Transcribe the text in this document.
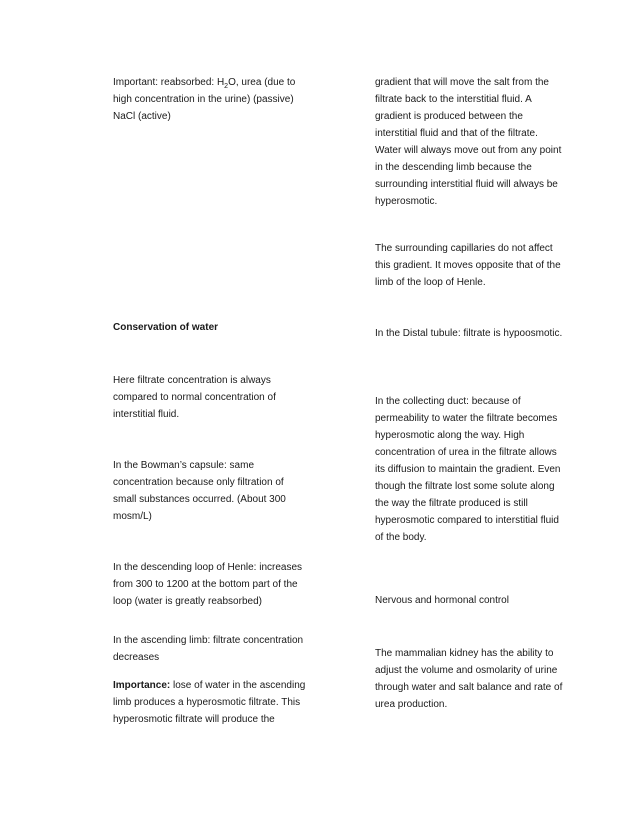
Important: reabsorbed: $H_2O$, urea (due to high concentration in the urine) (passive) NaCl (active)

Conservation of water

Here filtrate concentration is always compared to normal concentration of interstitial fluid.

In the Bowman’s capsule: same concentration because only filtration of small substances occurred. (About 300 mosm/L)

In the descending loop of Henle: increases from 300 to 1200 at the bottom part of the loop (water is greatly reabsorbed)

In the ascending limb: filtrate concentration decreases

Importance: lose of water in the ascending limb produces a hyperosmotic filtrate. This hyperosmotic filtrate will produce the

gradient that will move the salt from the filtrate back to the interstitial fluid. A gradient is produced between the interstitial fluid and that of the filtrate. Water will always move out from any point in the descending limb because the surrounding interstitial fluid will always be hyperosmotic.

The surrounding capillaries do not affect this gradient. It moves opposite that of the limb of the loop of Henle.

In the Distal tubule: filtrate is hypoosmotic.

In the collecting duct: because of permeability to water the filtrate becomes hyperosmotic along the way. High concentration of urea in the filtrate allows its diffusion to maintain the gradient. Even though the filtrate lost some solute along the way the filtrate produced is still hyperosmotic compared to interstitial fluid of the body.

Nervous and hormonal control

The mammalian kidney has the ability to adjust the volume and osmolarity of urine through water and salt balance and rate of urea production.
